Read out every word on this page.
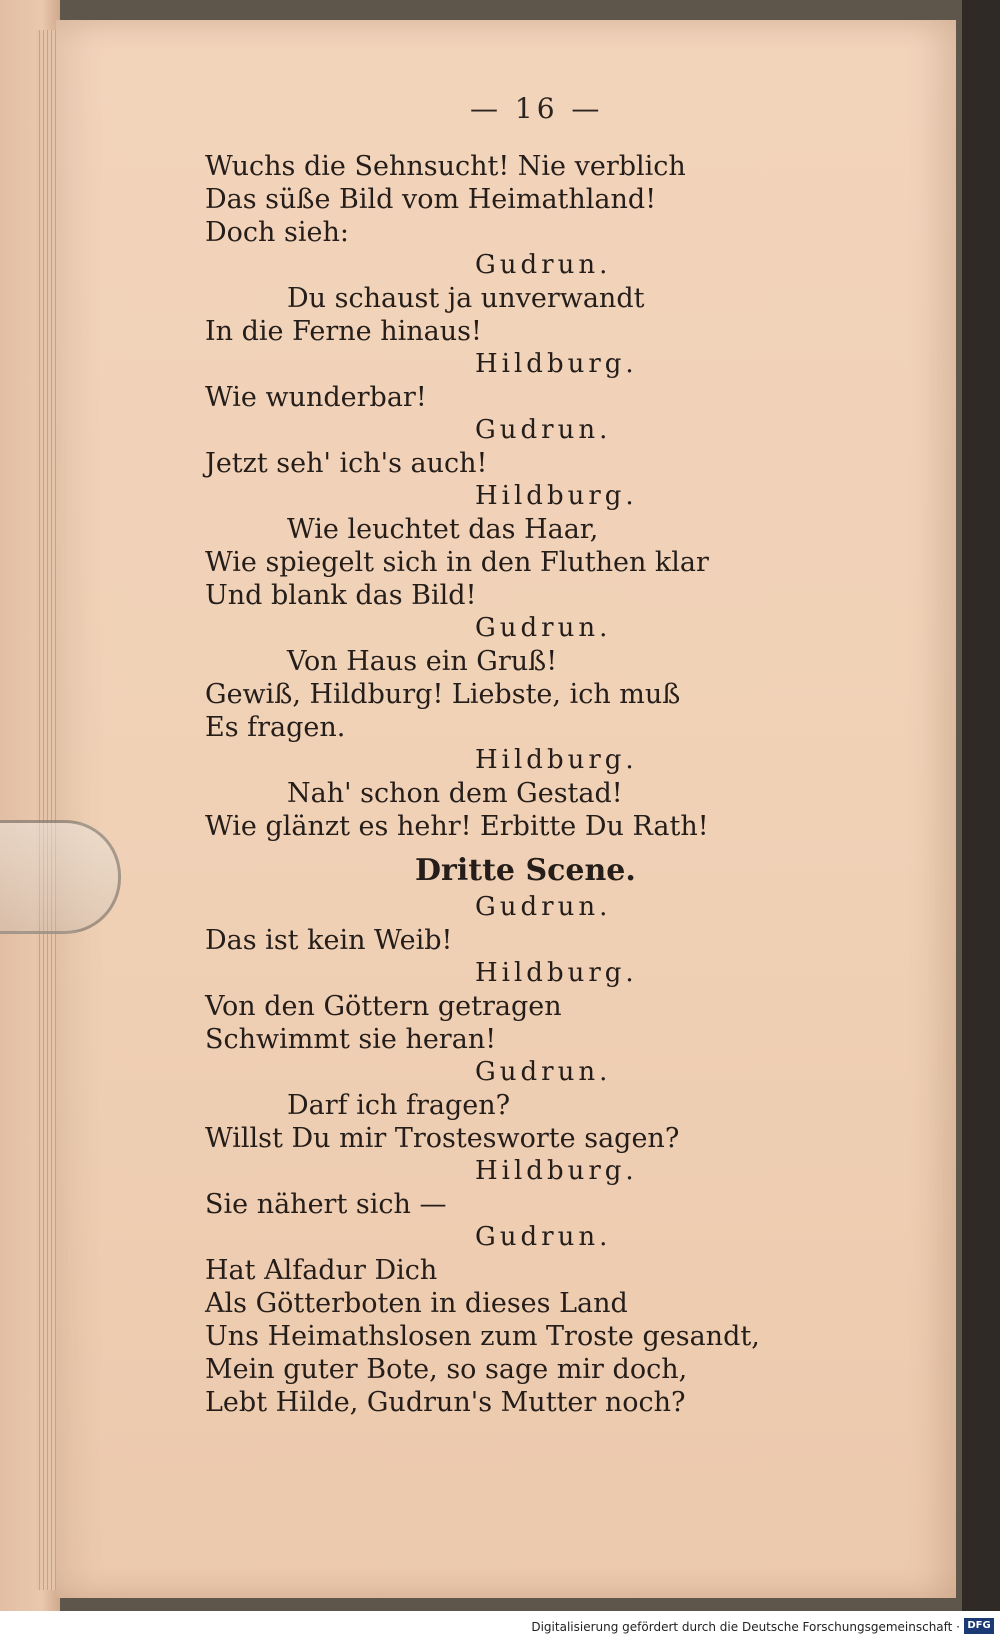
— 16 —
Wuchs die Sehnsucht! Nie verblich
Das süße Bild vom Heimathland!
Doch sieh:
Gudrun.
Du schaust ja unverwandt
In die Ferne hinaus!
Hildburg.
Wie wunderbar!
Gudrun.
Jetzt seh' ich's auch!
Hildburg.
Wie leuchtet das Haar,
Wie spiegelt sich in den Fluthen klar
Und blank das Bild!
Gudrun.
Von Haus ein Gruß!
Gewiß, Hildburg! Liebste, ich muß
Es fragen.
Hildburg.
Nah' schon dem Gestad!
Wie glänzt es hehr! Erbitte Du Rath!
Dritte Scene.
Gudrun.
Das ist kein Weib!
Hildburg.
Von den Göttern getragen
Schwimmt sie heran!
Gudrun.
Darf ich fragen?
Willst Du mir Trostesworte sagen?
Hildburg.
Sie nähert sich —
Gudrun.
Hat Alfadur Dich
Als Götterboten in dieses Land
Uns Heimathslosen zum Troste gesandt,
Mein guter Bote, so sage mir doch,
Lebt Hilde, Gudrun's Mutter noch?
Digitalisierung gefördert durch die Deutsche Forschungsgemeinschaft · DFG
